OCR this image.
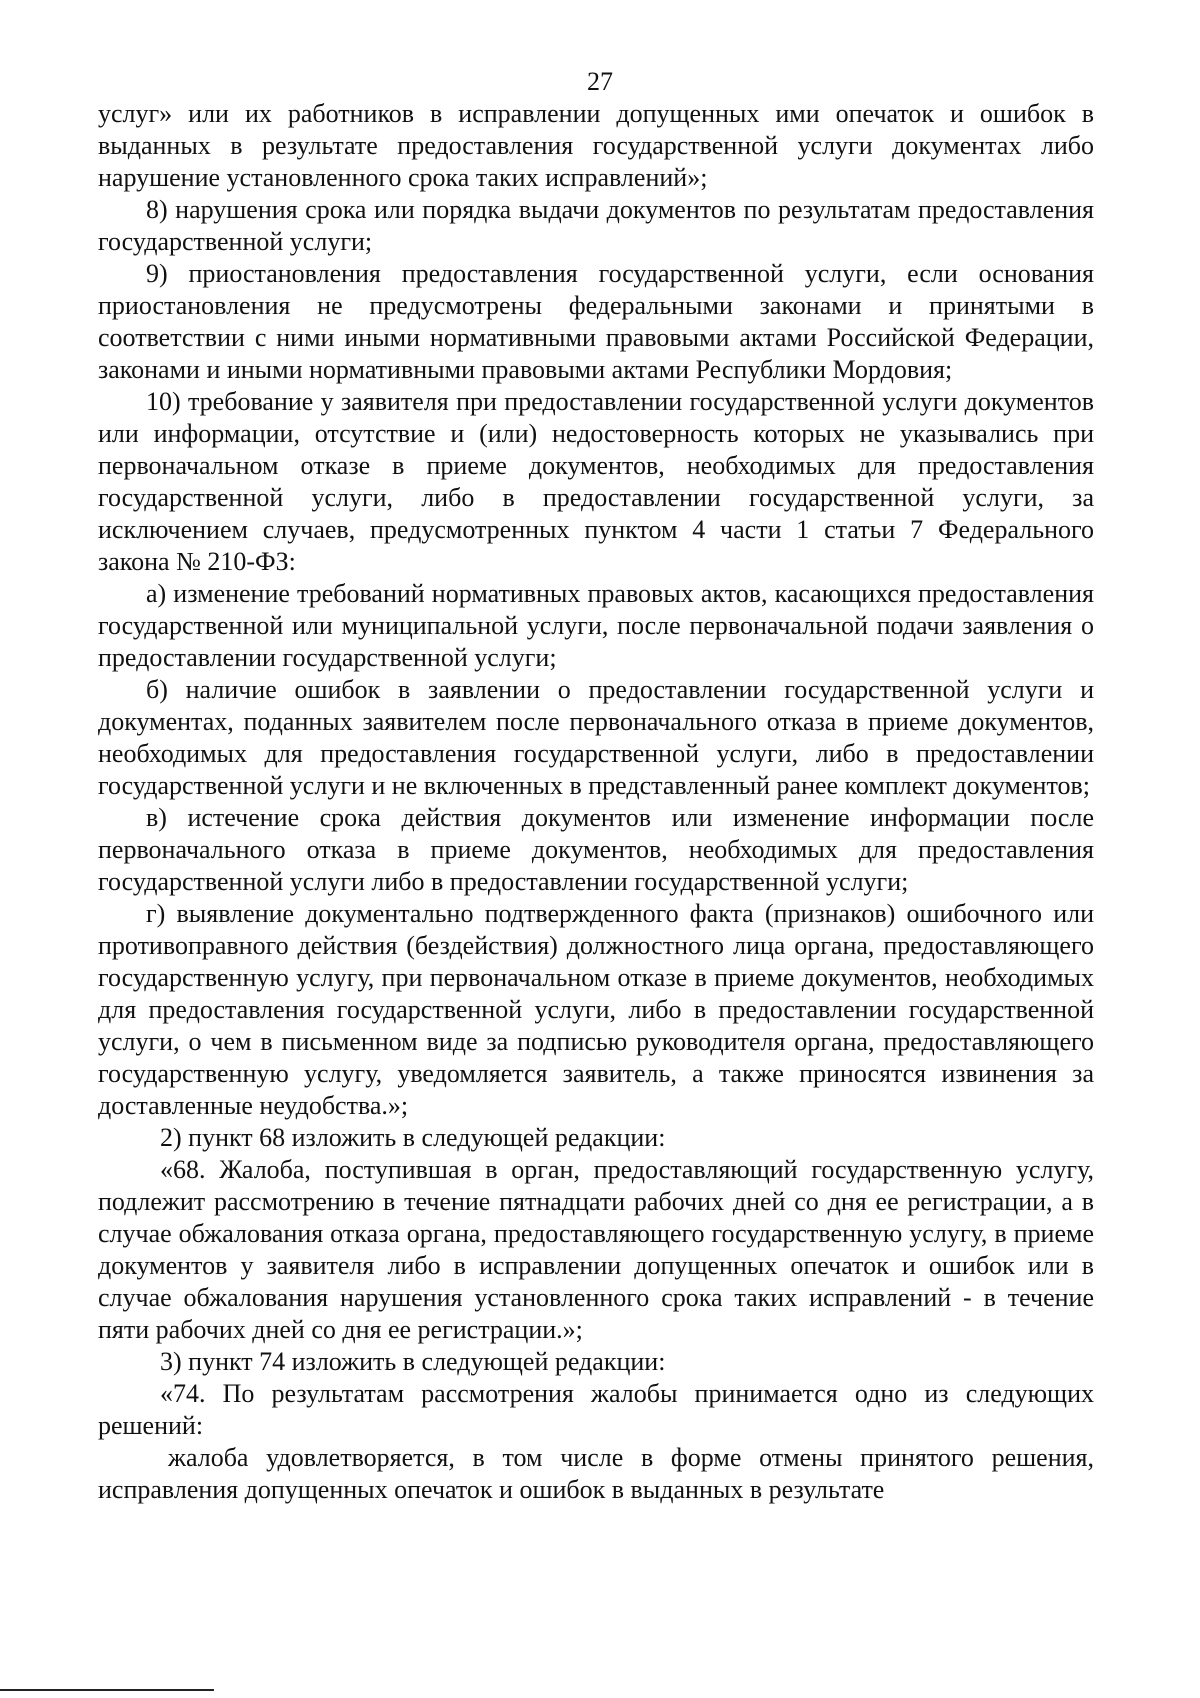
27

услуг» или их работников в исправлении допущенных ими опечаток и ошибок в выданных в результате предоставления государственной услуги документах либо нарушение установленного срока таких исправлений»;

8) нарушения срока или порядка выдачи документов по результатам предоставления государственной услуги;

9) приостановления предоставления государственной услуги, если основания приостановления не предусмотрены федеральными законами и принятыми в соответствии с ними иными нормативными правовыми актами Российской Федерации, законами и иными нормативными правовыми актами Республики Мордовия;

10) требование у заявителя при предоставлении государственной услуги документов или информации, отсутствие и (или) недостоверность которых не указывались при первоначальном отказе в приеме документов, необходимых для предоставления государственной услуги, либо в предоставлении государственной услуги, за исключением случаев, предусмотренных пунктом 4 части 1 статьи 7 Федерального закона № 210-ФЗ:

а) изменение требований нормативных правовых актов, касающихся предоставления государственной или муниципальной услуги, после первоначальной подачи заявления о предоставлении государственной услуги;

б) наличие ошибок в заявлении о предоставлении государственной услуги и документах, поданных заявителем после первоначального отказа в приеме документов, необходимых для предоставления государственной услуги, либо в предоставлении государственной услуги и не включенных в представленный ранее комплект документов;

в) истечение срока действия документов или изменение информации после первоначального отказа в приеме документов, необходимых для предоставления государственной услуги либо в предоставлении государственной услуги;

г) выявление документально подтвержденного факта (признаков) ошибочного или противоправного действия (бездействия) должностного лица органа, предоставляющего государственную услугу, при первоначальном отказе в приеме документов, необходимых для предоставления государственной услуги, либо в предоставлении государственной услуги, о чем в письменном виде за подписью руководителя органа, предоставляющего государственную услугу, уведомляется заявитель, а также приносятся извинения за доставленные неудобства.»;

2) пункт 68 изложить в следующей редакции:

«68. Жалоба, поступившая в орган, предоставляющий государственную услугу, подлежит рассмотрению в течение пятнадцати рабочих дней со дня ее регистрации, а в случае обжалования отказа органа, предоставляющего государственную услугу, в приеме документов у заявителя либо в исправлении допущенных опечаток и ошибок или в случае обжалования нарушения установленного срока таких исправлений - в течение пяти рабочих дней со дня ее регистрации.»;

3) пункт 74 изложить в следующей редакции:

«74. По результатам рассмотрения жалобы принимается одно из следующих решений:

жалоба удовлетворяется, в том числе в форме отмены принятого решения, исправления допущенных опечаток и ошибок в выданных в результате
